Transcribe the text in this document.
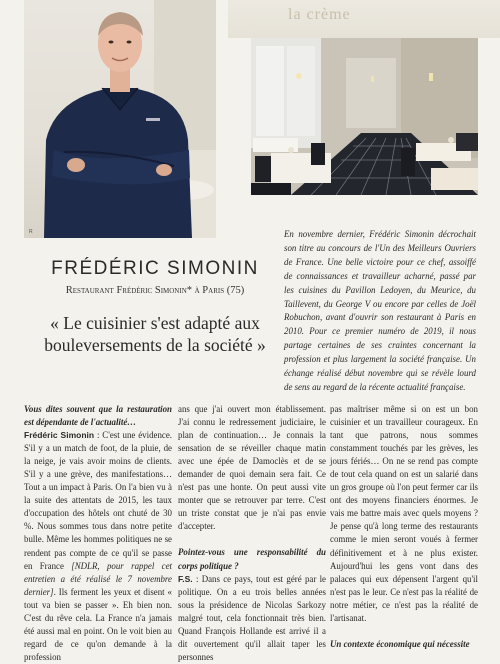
la crème
R
FRÉDÉRIC SIMONIN
Restaurant Frédéric Simonin* à Paris (75)
« Le cuisinier s'est adapté aux
bouleversements de la société »
En novembre dernier, Frédéric Simonin décrochait son titre au concours de l'Un des Meilleurs Ouvriers de France. Une belle victoire pour ce chef, assoiffé de connaissances et travailleur acharné, passé par les cuisines du Pavillon Ledoyen, du Meurice, du Taillevent, du George V ou encore par celles de Joël Robuchon, avant d'ouvrir son restaurant à Paris en 2010. Pour ce premier numéro de 2019, il nous partage certaines de ses craintes concernant la profession et plus largement la société française. Un échange réalisé début novembre qui se révèle lourd de sens au regard de la récente actualité française.

Vous dites souvent que la restauration est dépendante de l'actualité…
Frédéric Simonin : C'est une évidence. S'il y a un match de foot, de la pluie, de la neige, je vais avoir moins de clients. S'il y a une grève, des manifestations… Tout a un impact à Paris. On l'a bien vu à la suite des attentats de 2015, les taux d'occupation des hôtels ont chuté de 30 %. Nous sommes tous dans notre petite bulle. Même les hommes politiques ne se rendent pas compte de ce qu'il se passe en France [NDLR, pour rappel cet entretien a été réalisé le 7 novembre dernier]. Ils ferment les yeux et disent « tout va bien se passer ». Eh bien non. C'est du rêve cela. La France n'a jamais été aussi mal en point. On le voit bien au regard de ce qu'on demande à la profession

ans que j'ai ouvert mon établissement. J'ai connu le redressement judiciaire, le plan de continuation… Je connais la sensation de se réveiller chaque matin avec une épée de Damoclès et de se demander de quoi demain sera fait. Ce n'est pas une honte. On peut aussi vite monter que se retrouver par terre. C'est un triste constat que je n'ai pas envie d'accepter.

Pointez-vous une responsabilité du corps politique ?
F.S. : Dans ce pays, tout est géré par le politique. On a eu trois belles années sous la présidence de Nicolas Sarkozy malgré tout, cela fonctionnait très bien. Quand François Hollande est arrivé il a dit ouvertement qu'il allait taper les personnes

pas maîtriser même si on est un bon cuisinier et un travailleur courageux. En tant que patrons, nous sommes constamment touchés par les grèves, les jours fériés… On ne se rend pas compte de tout cela quand on est un salarié dans un gros groupe où l'on peut fermer car ils ont des moyens financiers énormes. Je vais me battre mais avec quels moyens ? Je pense qu'à long terme des restaurants comme le mien seront voués à fermer définitivement et à ne plus exister. Aujourd'hui les gens vont dans des palaces qui eux dépensent l'argent qu'il n'est pas le leur. Ce n'est pas la réalité de notre métier, ce n'est pas la réalité de l'artisanat.

Un contexte économique qui nécessite
